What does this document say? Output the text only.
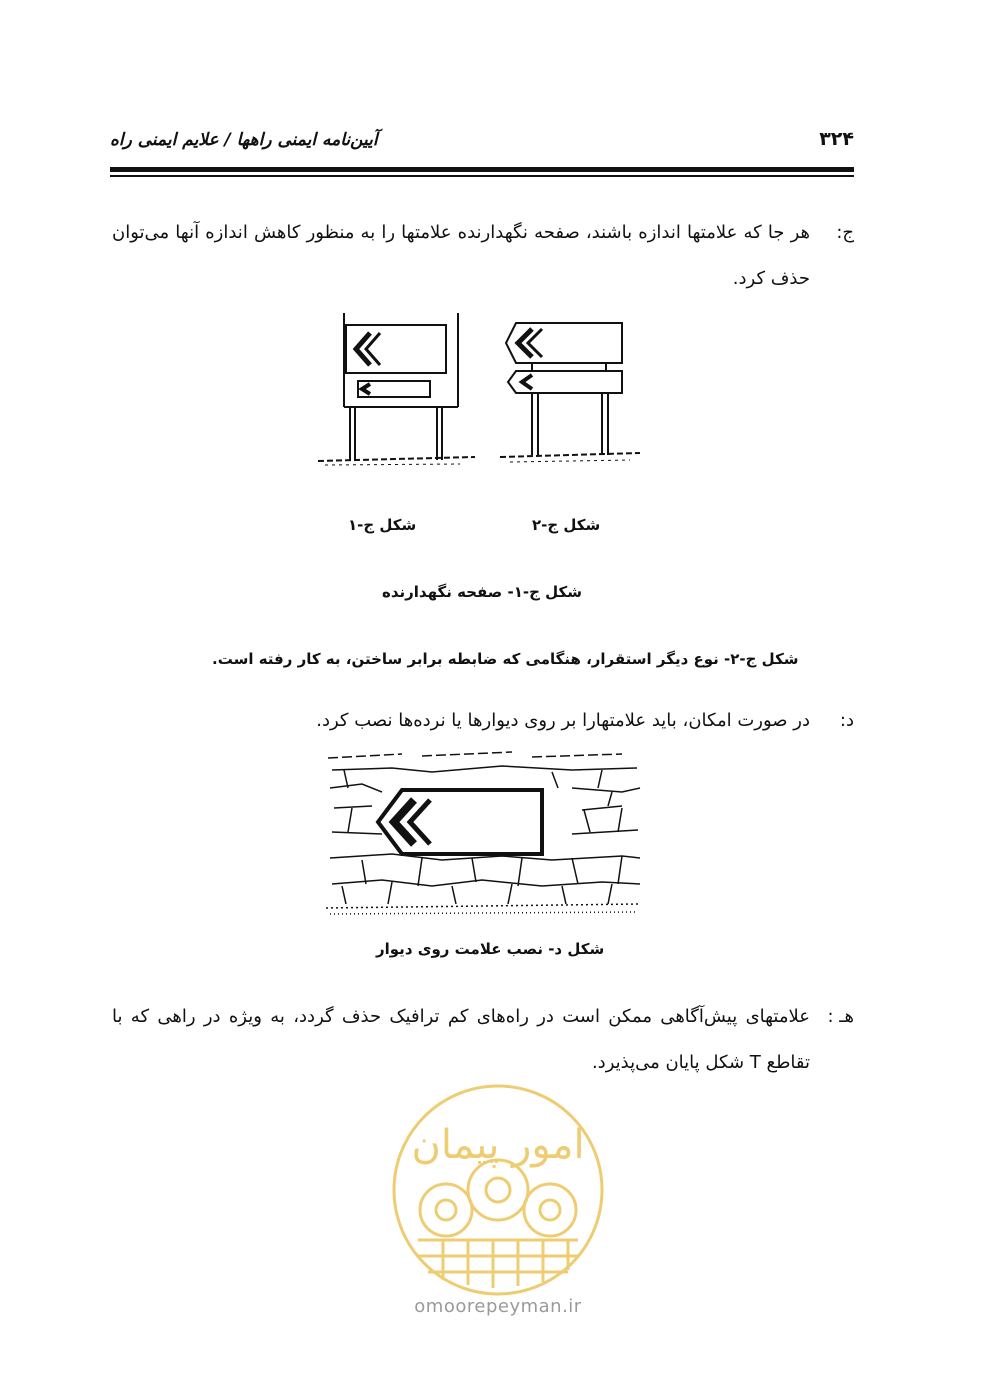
آیین‌نامه ایمنی راهها / علایم ایمنی راه	۳۲۴
ج:
هر جا که علامتها اندازه باشند، صفحه نگهدارنده علامتها را به منظور کاهش اندازه آنها می‌توان حذف کرد.
شکل ج-۱	شکل ج-۲
شکل ج-۱- صفحه نگهدارنده
شکل ج-۲- نوع دیگر استقرار، هنگامی که ضابطه برابر ساختن، به کار رفته است.
د:
در صورت امکان، باید علامتهارا بر روی دیوارها یا نرده‌ها نصب کرد.
شکل د- نصب علامت روی دیوار
هـ :
علامتهای پیش‌آگاهی ممکن است در راه‌های کم ترافیک حذف گردد، به ویژه در راهی که با تقاطع T شکل پایان می‌پذیرد.
امور پیمان
omoorepeyman.ir
